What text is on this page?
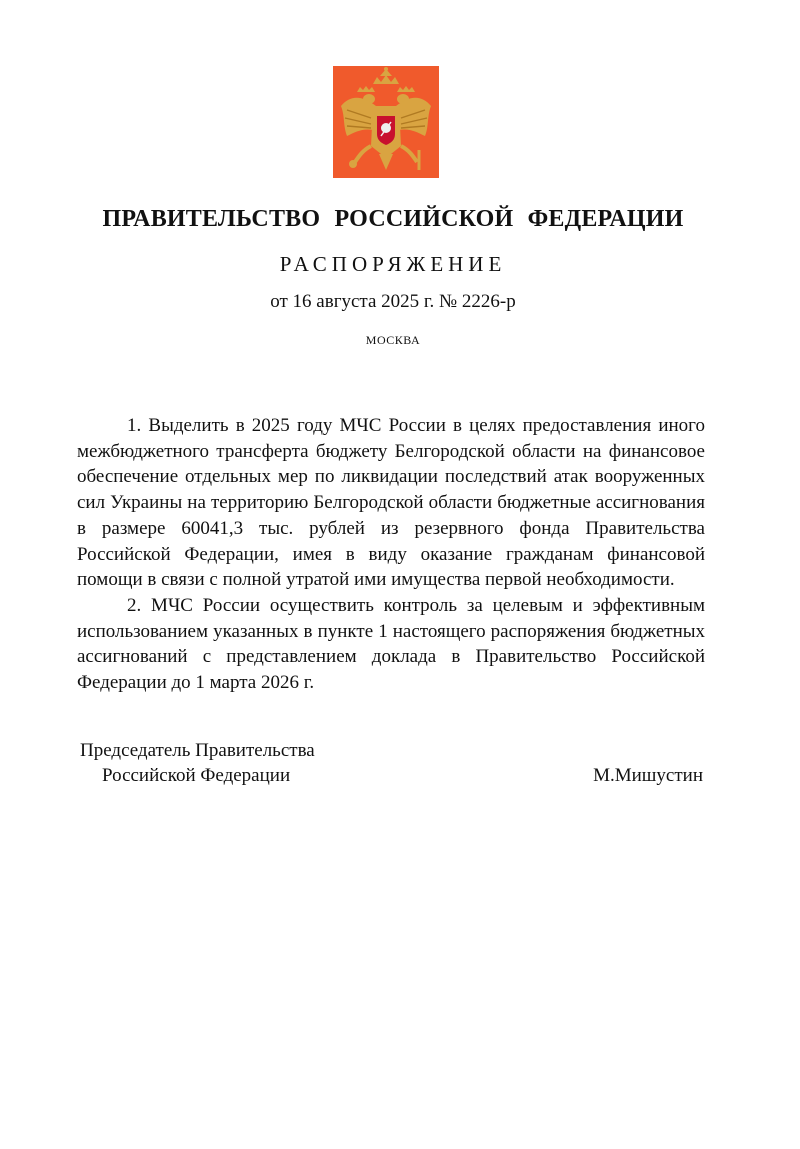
ПРАВИТЕЛЬСТВО РОССИЙСКОЙ ФЕДЕРАЦИИ
РАСПОРЯЖЕНИЕ
от 16 августа 2025 г. № 2226-р
МОСКВА

1. Выделить в 2025 году МЧС России в целях предоставления иного межбюджетного трансферта бюджету Белгородской области на финансовое обеспечение отдельных мер по ликвидации последствий атак вооруженных сил Украины на территорию Белгородской области бюджетные ассигнования в размере 60041,3 тыс. рублей из резервного фонда Правительства Российской Федерации, имея в виду оказание гражданам финансовой помощи в связи с полной утратой ими имущества первой необходимости.

2. МЧС России осуществить контроль за целевым и эффективным использованием указанных в пункте 1 настоящего распоряжения бюджетных ассигнований с представлением доклада в Правительство Российской Федерации до 1 марта 2026 г.

Председатель Правительства
Российской Федерации	М.Мишустин
